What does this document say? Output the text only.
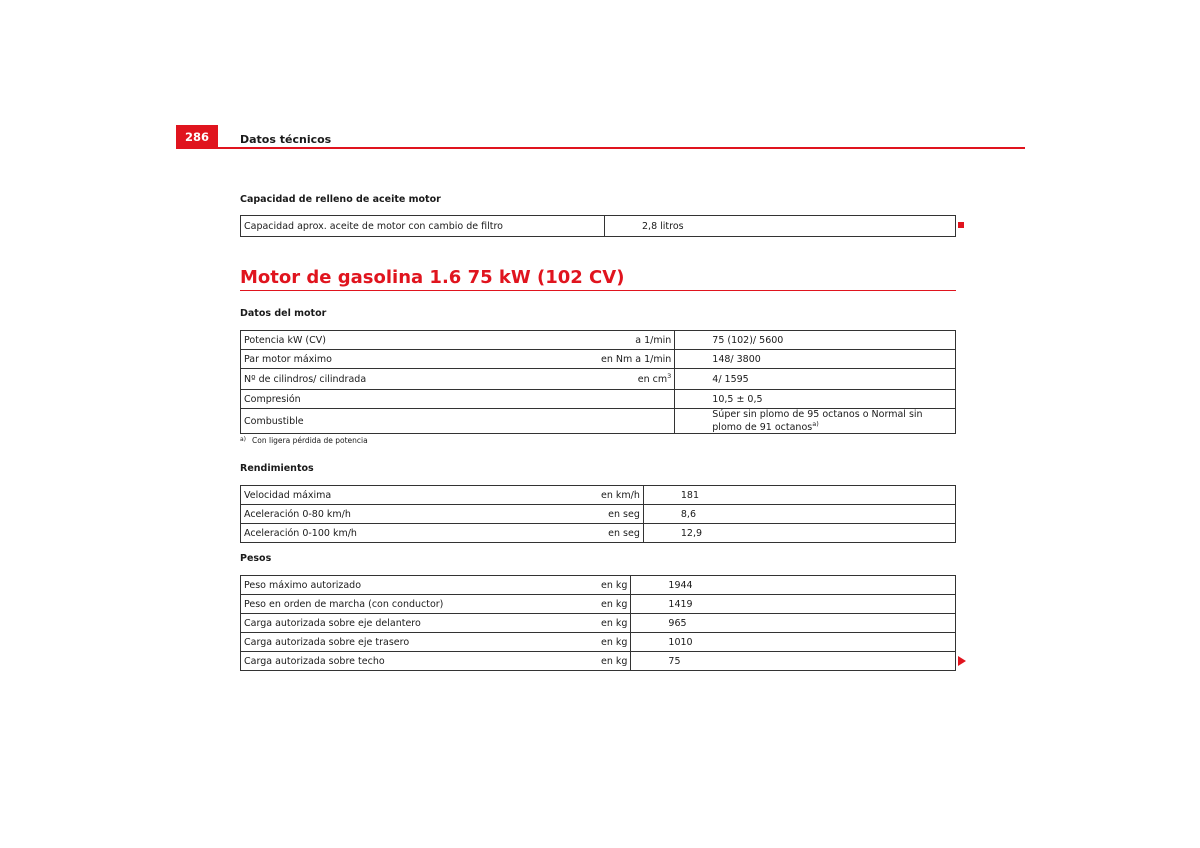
286	Datos técnicos
Capacidad de relleno de aceite motor
Capacidad aprox. aceite de motor con cambio de filtro		2,8 litros
Motor de gasolina 1.6 75 kW (102 CV)
Datos del motor
Potencia kW (CV)	a 1/min	75 (102)/ 5600
Par motor máximo	en Nm a 1/min	148/ 3800
Nº de cilindros/ cilindrada	en $cm^3$	4/ 1595
Compresión		10,5 ± 0,5
Combustible		Súper sin plomo de 95 octanos o Normal sin plomo de 91 octanos$^{a)}$
$^{a)}$ Con ligera pérdida de potencia
Rendimientos
Velocidad máxima	en km/h	181
Aceleración 0-80 km/h	en seg	8,6
Aceleración 0-100 km/h	en seg	12,9
Pesos
Peso máximo autorizado	en kg	1944
Peso en orden de marcha (con conductor)	en kg	1419
Carga autorizada sobre eje delantero	en kg	965
Carga autorizada sobre eje trasero	en kg	1010
Carga autorizada sobre techo	en kg	75
